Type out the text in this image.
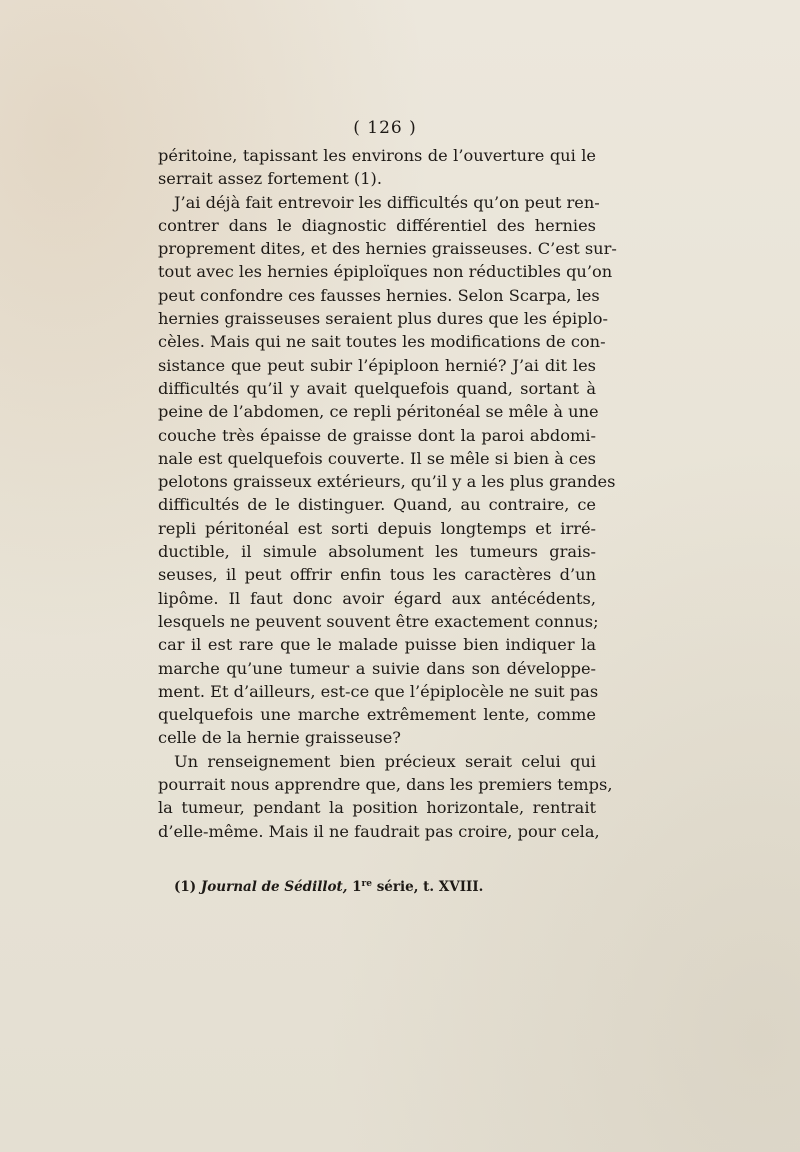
( 126 )
péritoine, tapissant les environs de l’ouverture qui le
serrait assez fortement (1).
J’ai déjà fait entrevoir les difficultés qu’on peut ren-
contrer dans le diagnostic différentiel des hernies
proprement dites, et des hernies graisseuses. C’est sur-
tout avec les hernies épiploïques non réductibles qu’on
peut confondre ces fausses hernies. Selon Scarpa, les
hernies graisseuses seraient plus dures que les épiplo-
cèles. Mais qui ne sait toutes les modifications de con-
sistance que peut subir l’épiploon hernié? J’ai dit les
difficultés qu’il y avait quelquefois quand, sortant à
peine de l’abdomen, ce repli péritonéal se mêle à une
couche très épaisse de graisse dont la paroi abdomi-
nale est quelquefois couverte. Il se mêle si bien à ces
pelotons graisseux extérieurs, qu’il y a les plus grandes
difficultés de le distinguer. Quand, au contraire, ce
repli péritonéal est sorti depuis longtemps et irré-
ductible, il simule absolument les tumeurs grais-
seuses, il peut offrir enfin tous les caractères d’un
lipôme. Il faut donc avoir égard aux antécédents,
lesquels ne peuvent souvent être exactement connus;
car il est rare que le malade puisse bien indiquer la
marche qu’une tumeur a suivie dans son développe-
ment. Et d’ailleurs, est-ce que l’épiplocèle ne suit pas
quelquefois une marche extrêmement lente, comme
celle de la hernie graisseuse?
Un renseignement bien précieux serait celui qui
pourrait nous apprendre que, dans les premiers temps,
la tumeur, pendant la position horizontale, rentrait
d’elle-même. Mais il ne faudrait pas croire, pour cela,
(1) Journal de Sédillot, 1re série, t. XVIII.
